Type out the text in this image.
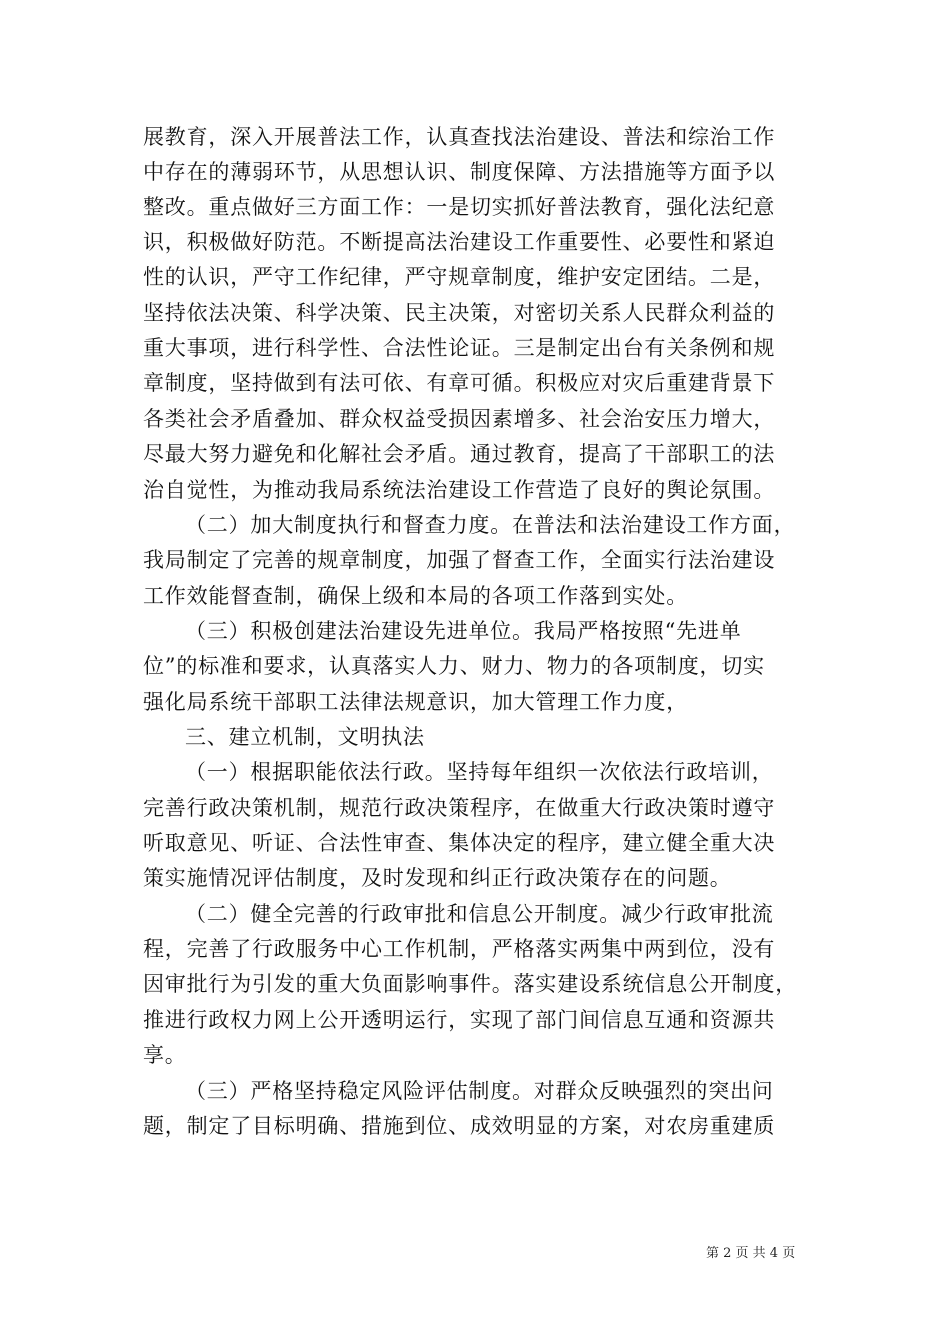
展教育，深入开展普法工作，认真查找法治建设、普法和综治工作
中存在的薄弱环节，从思想认识、制度保障、方法措施等方面予以
整改。重点做好三方面工作：一是切实抓好普法教育，强化法纪意
识，积极做好防范。不断提高法治建设工作重要性、必要性和紧迫
性的认识，严守工作纪律，严守规章制度，维护安定团结。二是，
坚持依法决策、科学决策、民主决策，对密切关系人民群众利益的
重大事项，进行科学性、合法性论证。三是制定出台有关条例和规
章制度，坚持做到有法可依、有章可循。积极应对灾后重建背景下
各类社会矛盾叠加、群众权益受损因素增多、社会治安压力增大，
尽最大努力避免和化解社会矛盾。通过教育，提高了干部职工的法
治自觉性，为推动我局系统法治建设工作营造了良好的舆论氛围。
（二）加大制度执行和督查力度。在普法和法治建设工作方面，
我局制定了完善的规章制度，加强了督查工作，全面实行法治建设
工作效能督查制，确保上级和本局的各项工作落到实处。
（三）积极创建法治建设先进单位。我局严格按照“先进单
位”的标准和要求，认真落实人力、财力、物力的各项制度，切实
强化局系统干部职工法律法规意识，加大管理工作力度，
三、建立机制，文明执法
（一）根据职能依法行政。坚持每年组织一次依法行政培训，
完善行政决策机制，规范行政决策程序，在做重大行政决策时遵守
听取意见、听证、合法性审查、集体决定的程序，建立健全重大决
策实施情况评估制度，及时发现和纠正行政决策存在的问题。
（二）健全完善的行政审批和信息公开制度。减少行政审批流
程，完善了行政服务中心工作机制，严格落实两集中两到位，没有
因审批行为引发的重大负面影响事件。落实建设系统信息公开制度，
推进行政权力网上公开透明运行，实现了部门间信息互通和资源共
享。
（三）严格坚持稳定风险评估制度。对群众反映强烈的突出问
题，制定了目标明确、措施到位、成效明显的方案，对农房重建质
第 2 页 共 4 页
